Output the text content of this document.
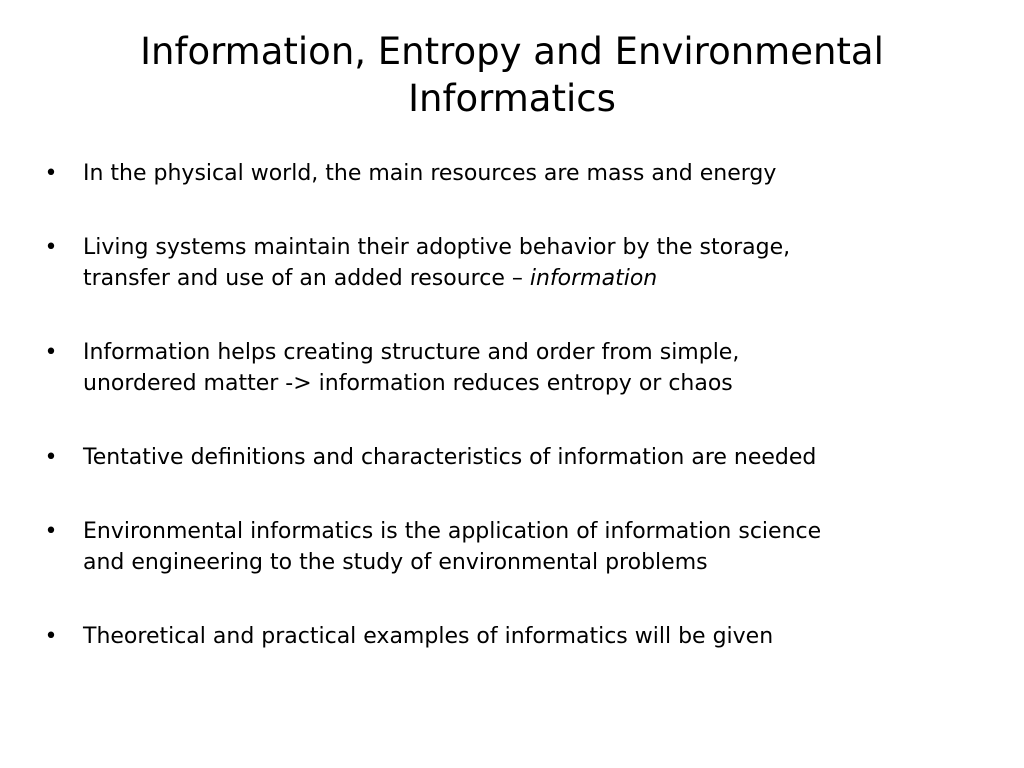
Information, Entropy and Environmental
Informatics
• In the physical world, the main resources are mass and energy
• Living systems maintain their adoptive behavior by the storage,
transfer and use of an added resource – information
• Information helps creating structure and order from simple,
unordered matter -> information reduces entropy or chaos
• Tentative definitions and characteristics of information are needed
• Environmental informatics is the application of information science
and engineering to the study of environmental problems
• Theoretical and practical examples of informatics will be given
